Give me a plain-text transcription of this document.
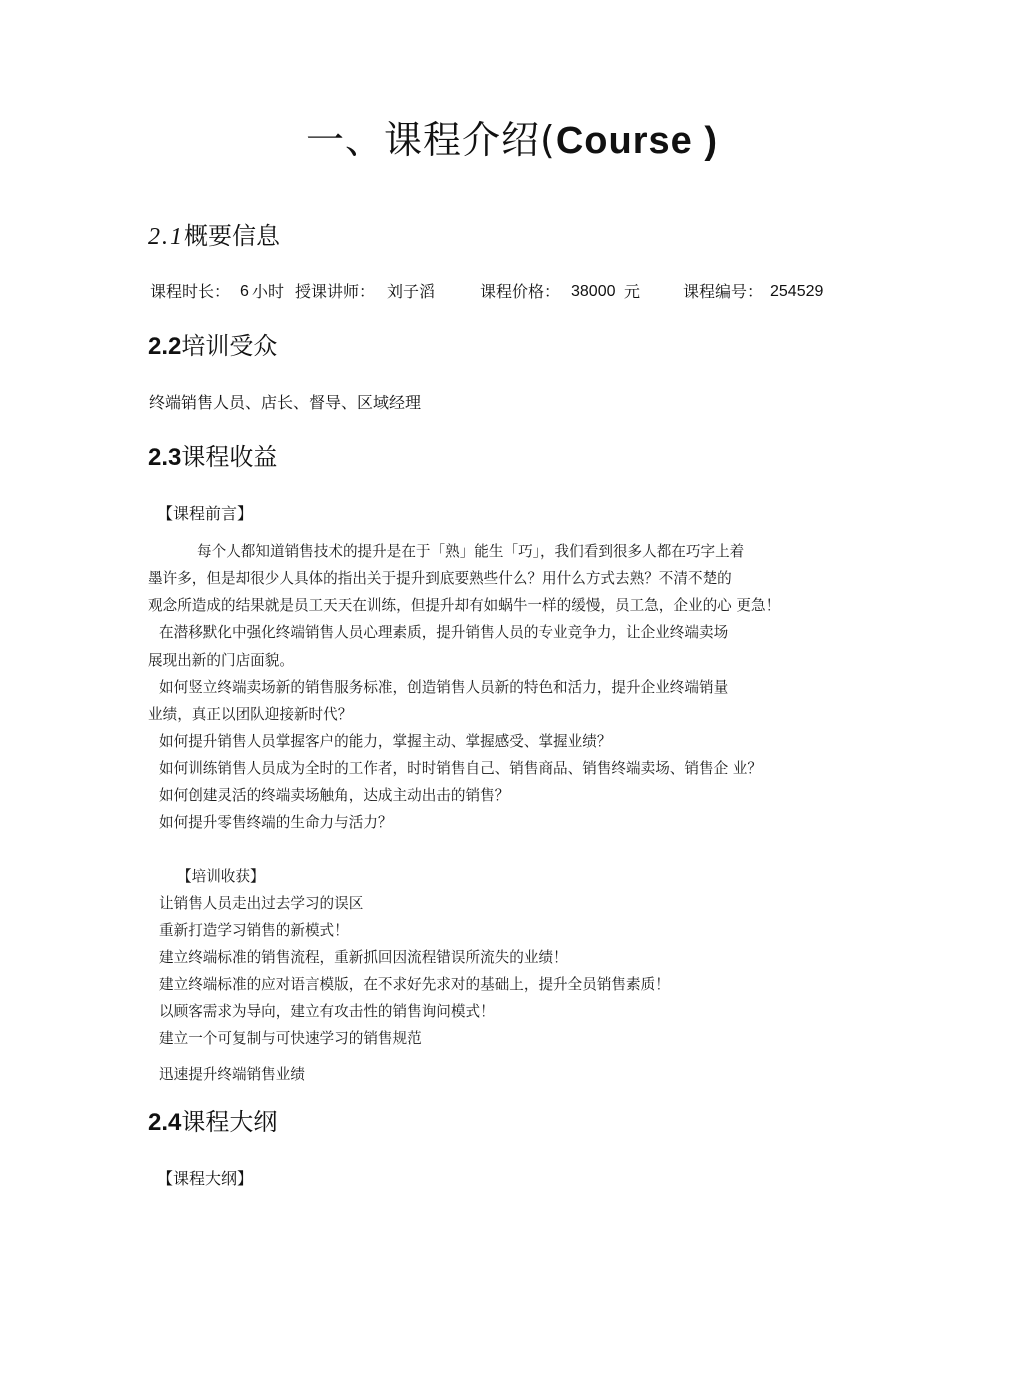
一、课程介绍(Course )
2.1概要信息
课程时长： 6 小时 授课讲师： 刘子滔	课程价格： 38000 元	课程编号： 254529
2.2培训受众
终端销售人员、店长、督导、区域经理
2.3课程收益
【课程前言】
每个人都知道销售技术的提升是在于「熟」能生「巧」，我们看到很多人都在巧字上着
墨许多，但是却很少人具体的指出关于提升到底要熟些什么？用什么方式去熟？不清不楚的
观念所造成的结果就是员工天天在训练，但提升却有如蜗牛一样的缓慢，员工急，企业的心 更急！
在潜移默化中强化终端销售人员心理素质，提升销售人员的专业竞争力，让企业终端卖场
展现出新的门店面貌。
如何竖立终端卖场新的销售服务标准，创造销售人员新的特色和活力，提升企业终端销量
业绩，真正以团队迎接新时代？
如何提升销售人员掌握客户的能力，掌握主动、掌握感受、掌握业绩？
如何训练销售人员成为全时的工作者，时时销售自己、销售商品、销售终端卖场、销售企 业？
如何创建灵活的终端卖场触角，达成主动出击的销售？
如何提升零售终端的生命力与活力？
【培训收获】
让销售人员走出过去学习的误区
重新打造学习销售的新模式！
建立终端标准的销售流程，重新抓回因流程错误所流失的业绩！
建立终端标准的应对语言模版，在不求好先求对的基础上，提升全员销售素质！
以顾客需求为导向，建立有攻击性的销售询问模式！
建立一个可复制与可快速学习的销售规范
迅速提升终端销售业绩
2.4课程大纲
【课程大纲】
